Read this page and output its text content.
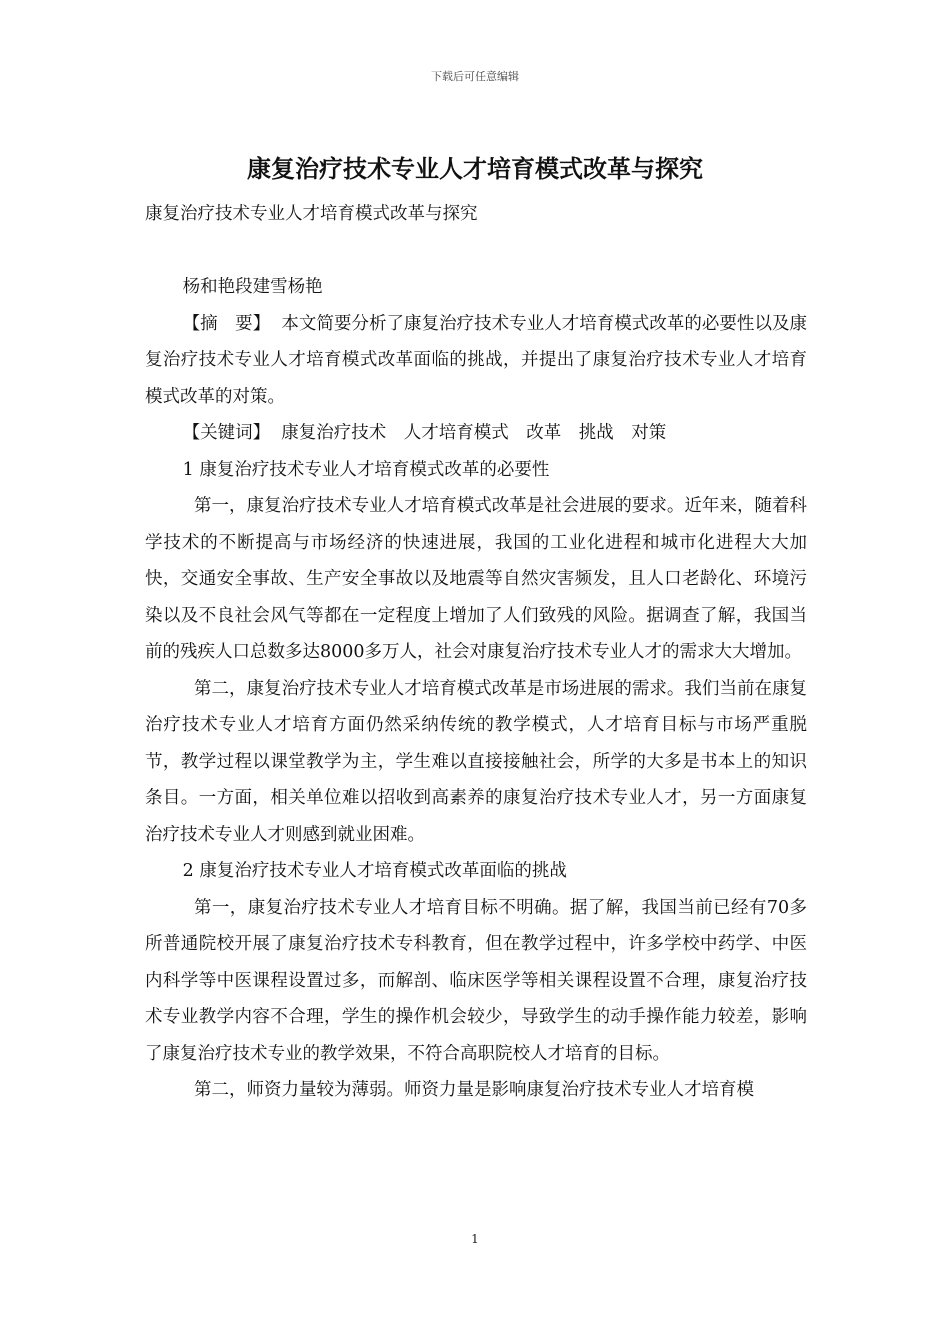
下载后可任意编辑
康复治疗技术专业人才培育模式改革与探究

康复治疗技术专业人才培育模式改革与探究

杨和艳段建雪杨艳

【摘　要】 本文简要分析了康复治疗技术专业人才培育模式改革的必要性以及康复治疗技术专业人才培育模式改革面临的挑战，并提出了康复治疗技术专业人才培育模式改革的对策。

【关键词】 康复治疗技术　人才培育模式　改革　挑战　对策

1 康复治疗技术专业人才培育模式改革的必要性

第一，康复治疗技术专业人才培育模式改革是社会进展的要求。近年来，随着科学技术的不断提高与市场经济的快速进展，我国的工业化进程和城市化进程大大加快，交通安全事故、生产安全事故以及地震等自然灾害频发，且人口老龄化、环境污染以及不良社会风气等都在一定程度上增加了人们致残的风险。据调查了解，我国当前的残疾人口总数多达8000多万人，社会对康复治疗技术专业人才的需求大大增加。

第二，康复治疗技术专业人才培育模式改革是市场进展的需求。我们当前在康复治疗技术专业人才培育方面仍然采纳传统的教学模式，人才培育目标与市场严重脱节，教学过程以课堂教学为主，学生难以直接接触社会，所学的大多是书本上的知识条目。一方面，相关单位难以招收到高素养的康复治疗技术专业人才，另一方面康复治疗技术专业人才则感到就业困难。

2 康复治疗技术专业人才培育模式改革面临的挑战

第一，康复治疗技术专业人才培育目标不明确。据了解，我国当前已经有70多所普通院校开展了康复治疗技术专科教育，但在教学过程中，许多学校中药学、中医内科学等中医课程设置过多，而解剖、临床医学等相关课程设置不合理，康复治疗技术专业教学内容不合理，学生的操作机会较少，导致学生的动手操作能力较差，影响了康复治疗技术专业的教学效果，不符合高职院校人才培育的目标。

第二，师资力量较为薄弱。师资力量是影响康复治疗技术专业人才培育模

1
